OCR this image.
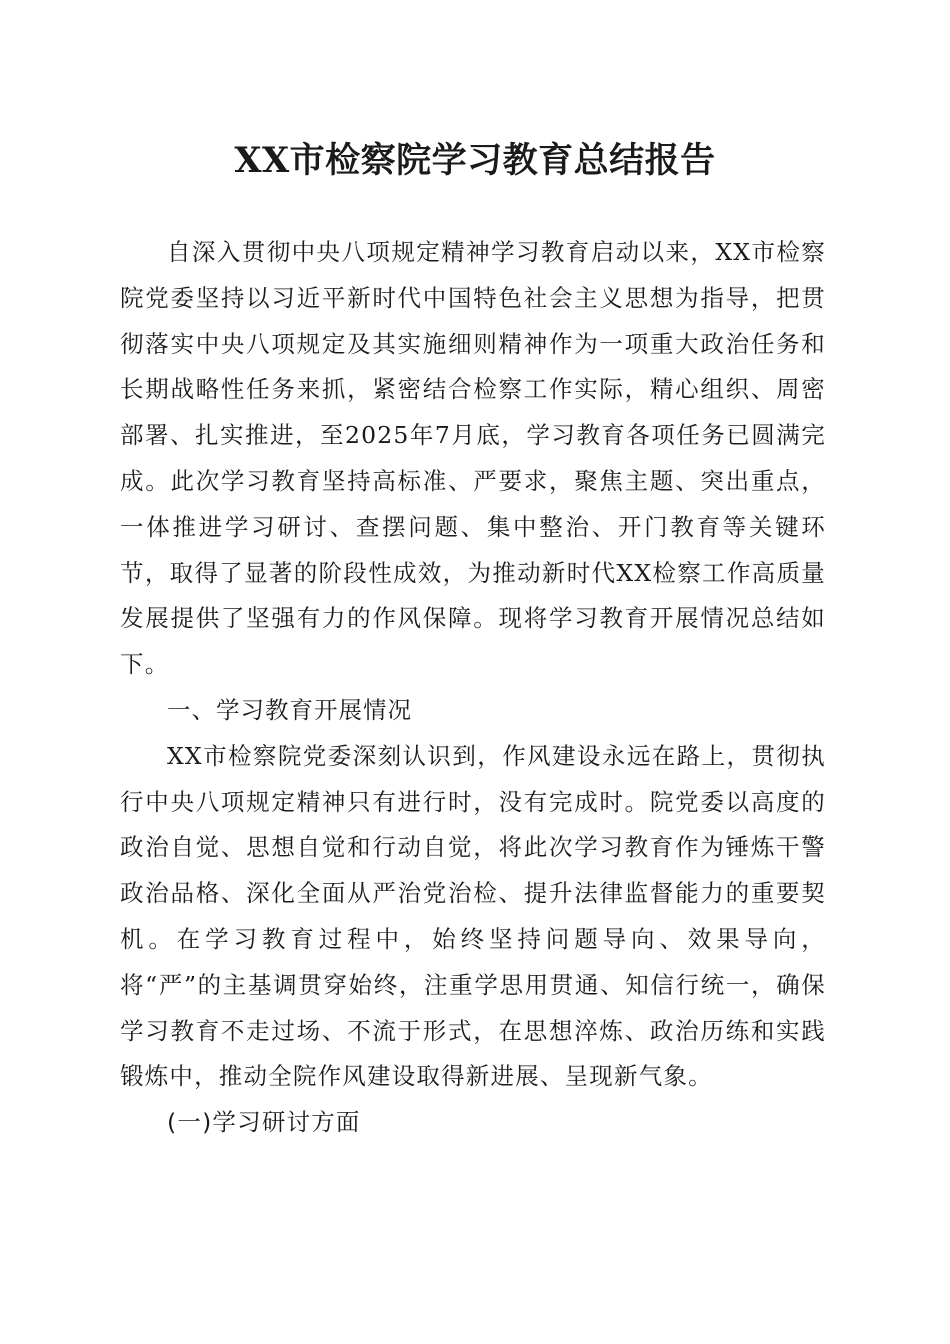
XX市检察院学习教育总结报告

自深入贯彻中央八项规定精神学习教育启动以来，XX市检察院党委坚持以习近平新时代中国特色社会主义思想为指导，把贯彻落实中央八项规定及其实施细则精神作为一项重大政治任务和长期战略性任务来抓，紧密结合检察工作实际，精心组织、周密部署、扎实推进，至2025年7月底，学习教育各项任务已圆满完成。此次学习教育坚持高标准、严要求，聚焦主题、突出重点，一体推进学习研讨、查摆问题、集中整治、开门教育等关键环节，取得了显著的阶段性成效，为推动新时代XX检察工作高质量发展提供了坚强有力的作风保障。现将学习教育开展情况总结如下。

一、学习教育开展情况

XX市检察院党委深刻认识到，作风建设永远在路上，贯彻执行中央八项规定精神只有进行时，没有完成时。院党委以高度的政治自觉、思想自觉和行动自觉，将此次学习教育作为锤炼干警政治品格、深化全面从严治党治检、提升法律监督能力的重要契机。在学习教育过程中，始终坚持问题导向、效果导向，将“严”的主基调贯穿始终，注重学思用贯通、知信行统一，确保学习教育不走过场、不流于形式，在思想淬炼、政治历练和实践锻炼中，推动全院作风建设取得新进展、呈现新气象。

(一)学习研讨方面
